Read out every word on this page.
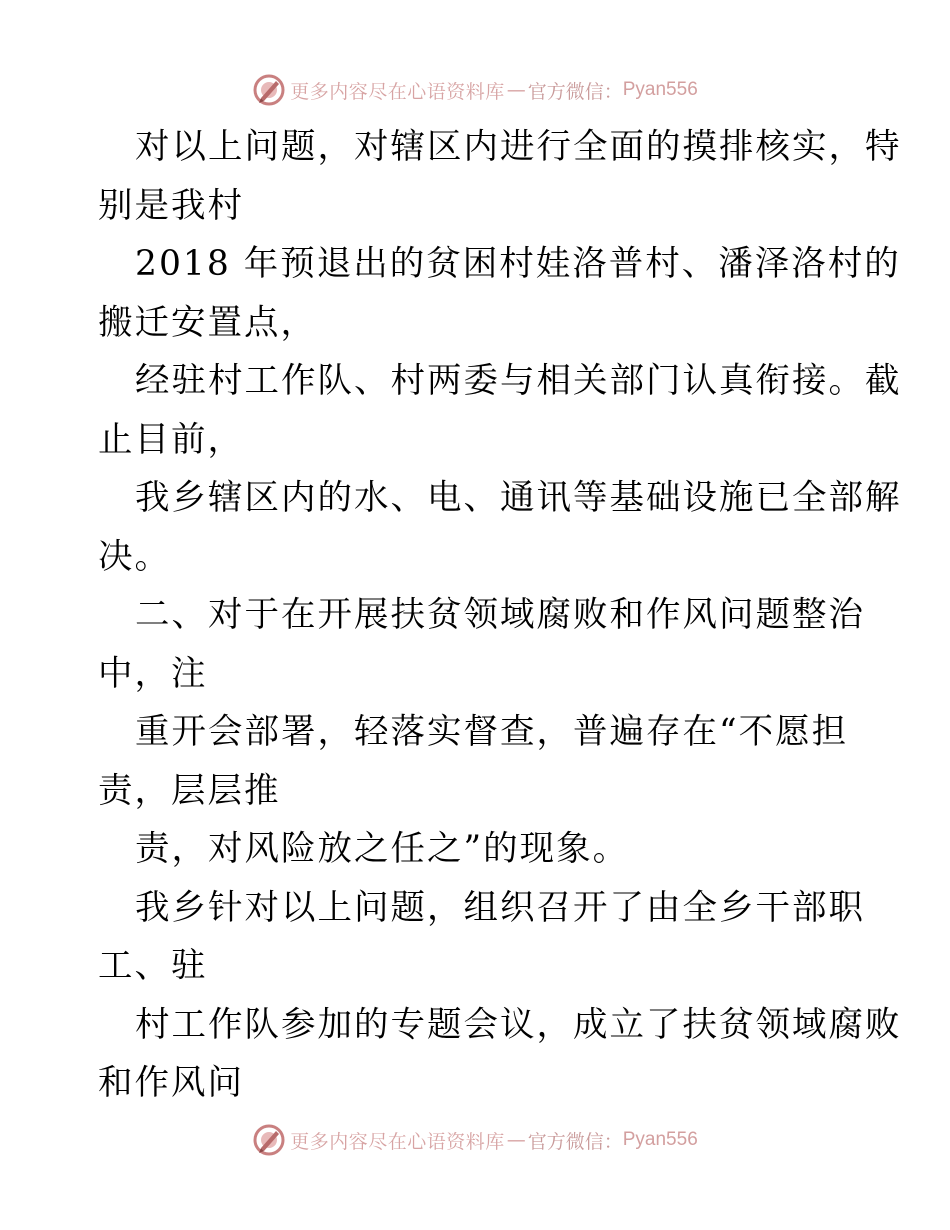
更多内容尽在心语资料库 — 官方微信： Pyan556
对以上问题，对辖区内进行全面的摸排核实，特
别是我村
2018 年预退出的贫困村娃洛普村、潘泽洛村的
搬迁安置点，
经驻村工作队、村两委与相关部门认真衔接。截
止目前，
我乡辖区内的水、电、通讯等基础设施已全部解
决。
二、对于在开展扶贫领域腐败和作风问题整治
中，注
重开会部署，轻落实督查，普遍存在“不愿担
责，层层推
责，对风险放之任之”的现象。
我乡针对以上问题，组织召开了由全乡干部职
工、驻
村工作队参加的专题会议，成立了扶贫领域腐败
和作风问
更多内容尽在心语资料库 — 官方微信： Pyan556
